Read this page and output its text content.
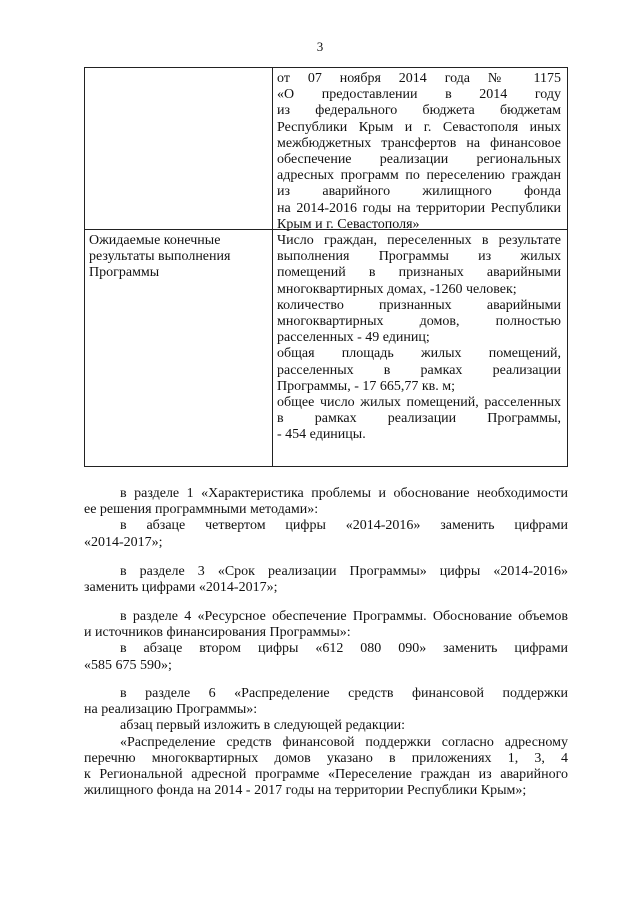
3
от 07 ноября 2014 года № 1175
«О предоставлении в 2014 году
из федерального бюджета бюджетам
Республики Крым и г. Севастополя иных
межбюджетных трансфертов на финансовое
обеспечение реализации региональных
адресных программ по переселению граждан
из аварийного жилищного фонда
на 2014-2016 годы на территории Республики
Крым и г. Севастополя»
Ожидаемые конечные
результаты выполнения
Программы
Число граждан, переселенных в результате
выполнения Программы из жилых
помещений в признаных аварийными
многоквартирных домах, -1260 человек;
количество признанных аварийными
многоквартирных домов, полностью
расселенных - 49 единиц;
общая площадь жилых помещений,
расселенных в рамках реализации
Программы, - 17 665,77 кв. м;
общее число жилых помещений, расселенных
в рамках реализации Программы,
- 454 единицы.
в разделе 1 «Характеристика проблемы и обоснование необходимости
ее решения программными методами»:
в абзаце четвертом цифры «2014-2016» заменить цифрами
«2014-2017»;
в разделе 3 «Срок реализации Программы» цифры «2014-2016»
заменить цифрами «2014-2017»;
в разделе 4 «Ресурсное обеспечение Программы. Обоснование объемов
и источников финансирования Программы»:
в абзаце втором цифры «612 080 090» заменить цифрами
«585 675 590»;
в разделе 6 «Распределение средств финансовой поддержки
на реализацию Программы»:
абзац первый изложить в следующей редакции:
«Распределение средств финансовой поддержки согласно адресному
перечню многоквартирных домов указано в приложениях 1, 3, 4
к Региональной адресной программе «Переселение граждан из аварийного
жилищного фонда на 2014 - 2017 годы на территории Республики Крым»;
